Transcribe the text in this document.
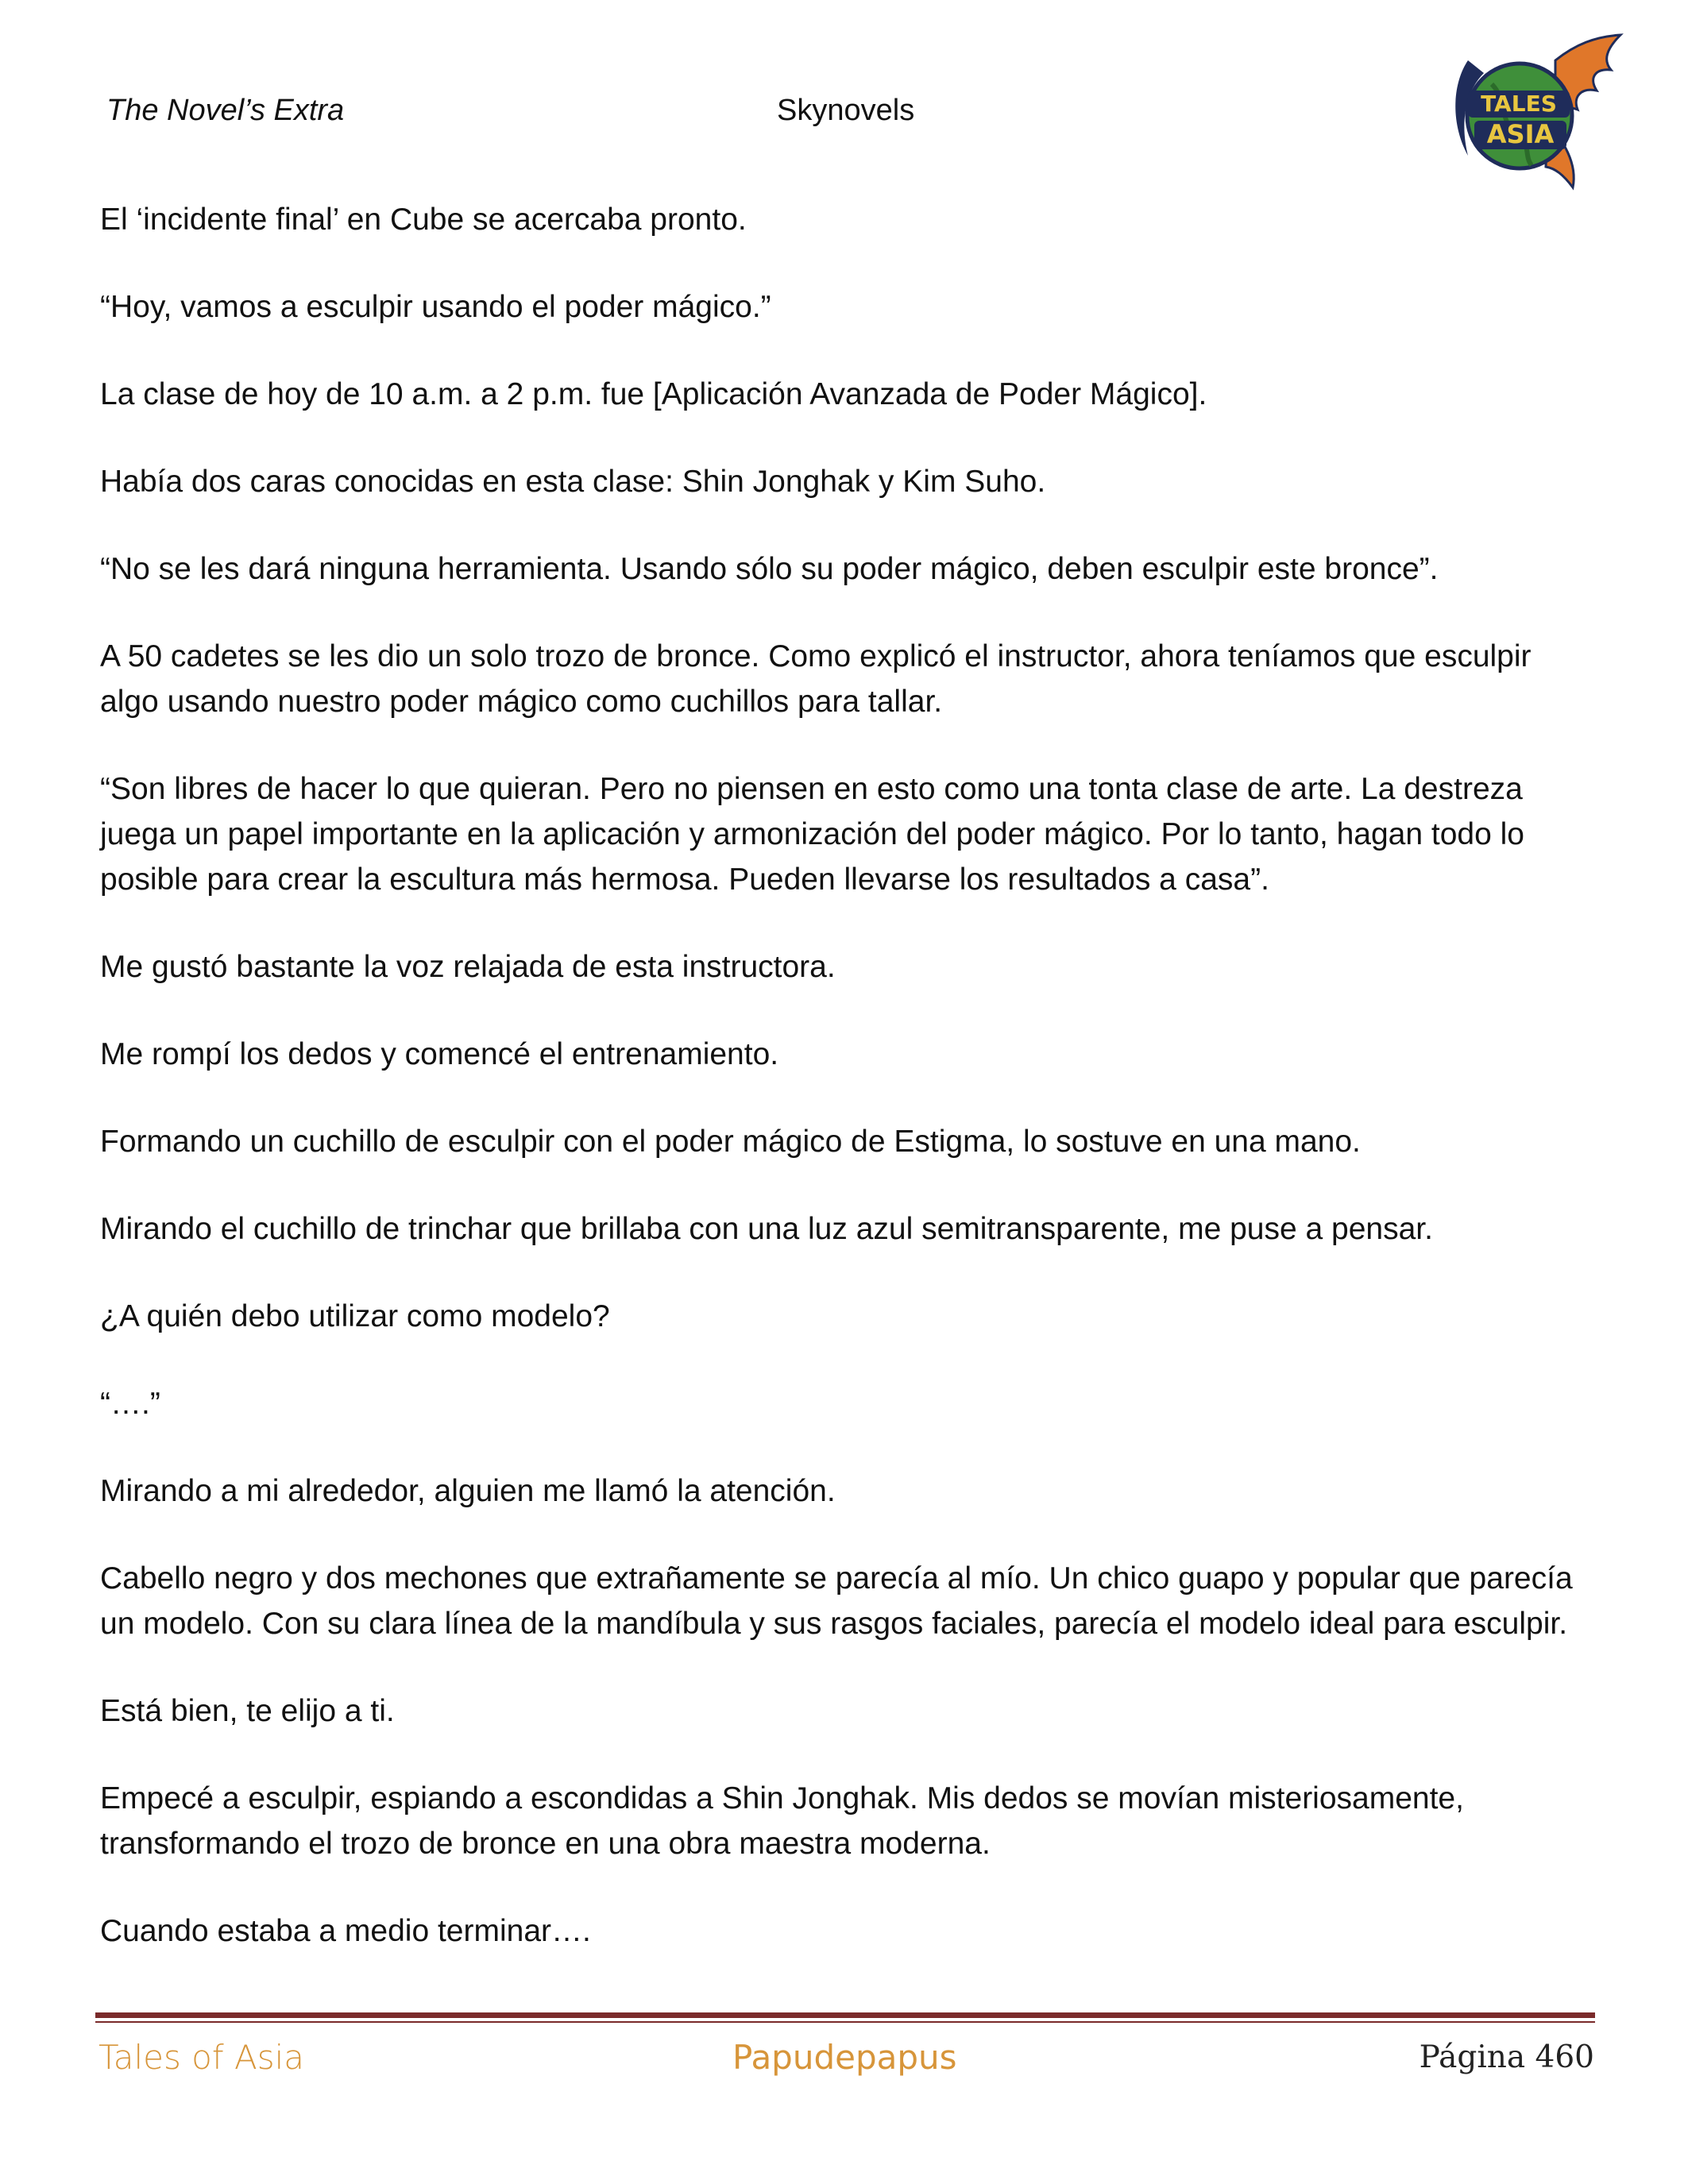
The Novel’s Extra	Skynovels	TALES
ASIA

El ‘incidente final’ en Cube se acercaba pronto.

“Hoy, vamos a esculpir usando el poder mágico.”

La clase de hoy de 10 a.m. a 2 p.m. fue [Aplicación Avanzada de Poder Mágico].

Había dos caras conocidas en esta clase: Shin Jonghak y Kim Suho.

“No se les dará ninguna herramienta. Usando sólo su poder mágico, deben esculpir este bronce”.

A 50 cadetes se les dio un solo trozo de bronce. Como explicó el instructor, ahora teníamos que esculpir algo usando nuestro poder mágico como cuchillos para tallar.

“Son libres de hacer lo que quieran. Pero no piensen en esto como una tonta clase de arte. La destreza juega un papel importante en la aplicación y armonización del poder mágico. Por lo tanto, hagan todo lo posible para crear la escultura más hermosa. Pueden llevarse los resultados a casa”.

Me gustó bastante la voz relajada de esta instructora.

Me rompí los dedos y comencé el entrenamiento.

Formando un cuchillo de esculpir con el poder mágico de Estigma, lo sostuve en una mano.

Mirando el cuchillo de trinchar que brillaba con una luz azul semitransparente, me puse a pensar.

¿A quién debo utilizar como modelo?

“….”

Mirando a mi alrededor, alguien me llamó la atención.

Cabello negro y dos mechones que extrañamente se parecía al mío. Un chico guapo y popular que parecía un modelo. Con su clara línea de la mandíbula y sus rasgos faciales, parecía el modelo ideal para esculpir.

Está bien, te elijo a ti.

Empecé a esculpir, espiando a escondidas a Shin Jonghak. Mis dedos se movían misteriosamente, transformando el trozo de bronce en una obra maestra moderna.

Cuando estaba a medio terminar….

Tales of Asia	Papudepapus	Página 460
